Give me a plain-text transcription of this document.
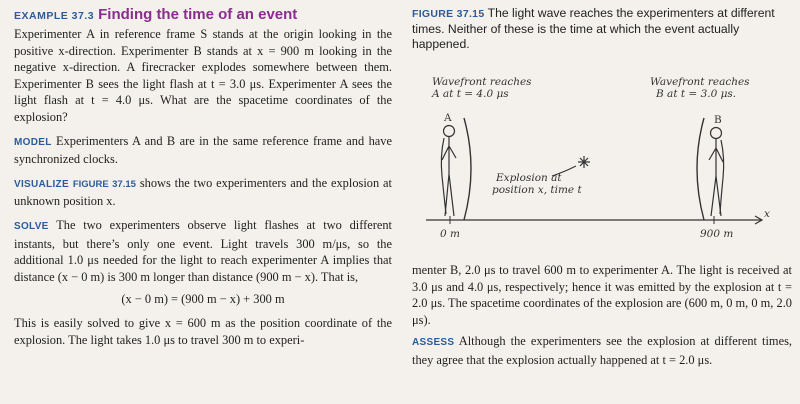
EXAMPLE 37.3 Finding the time of an event

Experimenter A in reference frame S stands at the origin looking in the positive x-direction. Experimenter B stands at x = 900 m looking in the negative x-direction. A firecracker explodes somewhere between them. Experimenter B sees the light flash at t = 3.0 μs. Experimenter A sees the light flash at t = 4.0 μs. What are the spacetime coordinates of the explosion?

MODEL Experimenters A and B are in the same reference frame and have synchronized clocks.

VISUALIZE FIGURE 37.15 shows the two experimenters and the explosion at unknown position x.

SOLVE The two experimenters observe light flashes at two different instants, but there’s only one event. Light travels 300 m/μs, so the additional 1.0 μs needed for the light to reach experimenter A implies that distance (x − 0 m) is 300 m longer than distance (900 m − x). That is,

(x − 0 m) = (900 m − x) + 300 m

This is easily solved to give x = 600 m as the position coordinate of the explosion. The light takes 1.0 μs to travel 300 m to experi-

FIGURE 37.15 The light wave reaches the experimenters at different times. Neither of these is the time at which the event actually happened.
Wavefront reaches
A at t = 4.0 μs
Wavefront reaches
B at t = 3.0 μs.
A	B
Explosion at
position x, time t
0 m	900 m
x

menter B, 2.0 μs to travel 600 m to experimenter A. The light is received at 3.0 μs and 4.0 μs, respectively; hence it was emitted by the explosion at t = 2.0 μs. The spacetime coordinates of the explosion are (600 m, 0 m, 0 m, 2.0 μs).

ASSESS Although the experimenters see the explosion at different times, they agree that the explosion actually happened at t = 2.0 μs.
